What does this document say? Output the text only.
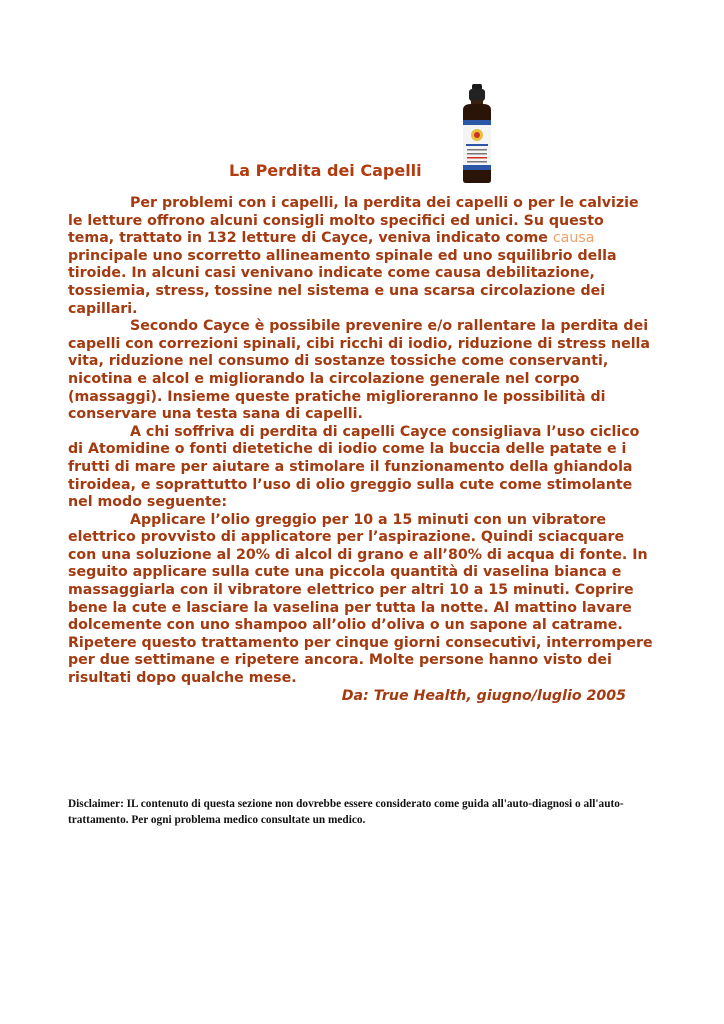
La Perdita dei Capelli

Per problemi con i capelli, la perdita dei capelli o per le calvizie le letture offrono alcuni consigli molto specifici ed unici. Su questo tema, trattato in 132 letture di Cayce, veniva indicato come causa principale uno scorretto allineamento spinale ed uno squilibrio della tiroide. In alcuni casi venivano indicate come causa debilitazione, tossiemia, stress, tossine nel sistema e una scarsa circolazione dei capillari.

Secondo Cayce è possibile prevenire e/o rallentare la perdita dei capelli con correzioni spinali, cibi ricchi di iodio, riduzione di stress nella vita, riduzione nel consumo di sostanze tossiche come conservanti, nicotina e alcol e migliorando la circolazione generale nel corpo (massaggi). Insieme queste pratiche miglioreranno le possibilità di conservare una testa sana di capelli.

A chi soffriva di perdita di capelli Cayce consigliava l’uso ciclico di Atomidine o fonti dietetiche di iodio come la buccia delle patate e i frutti di mare per aiutare a stimolare il funzionamento della ghiandola tiroidea, e soprattutto l’uso di olio greggio sulla cute come stimolante nel modo seguente:

Applicare l’olio greggio per 10 a 15 minuti con un vibratore elettrico provvisto di applicatore per l’aspirazione. Quindi sciacquare con una soluzione al 20% di alcol di grano e all’80% di acqua di fonte. In seguito applicare sulla cute una piccola quantità di vaselina bianca e massaggiarla con il vibratore elettrico per altri 10 a 15 minuti. Coprire bene la cute e lasciare la vaselina per tutta la notte. Al mattino lavare dolcemente con uno shampoo all’olio d’oliva o un sapone al catrame. Ripetere questo trattamento per cinque giorni consecutivi, interrompere per due settimane e ripetere ancora. Molte persone hanno visto dei risultati dopo qualche mese.

Da: True Health, giugno/luglio 2005

Disclaimer: IL contenuto di questa sezione non dovrebbe essere considerato come guida all'auto-diagnosi o all'auto-trattamento. Per ogni problema medico consultate un medico.
